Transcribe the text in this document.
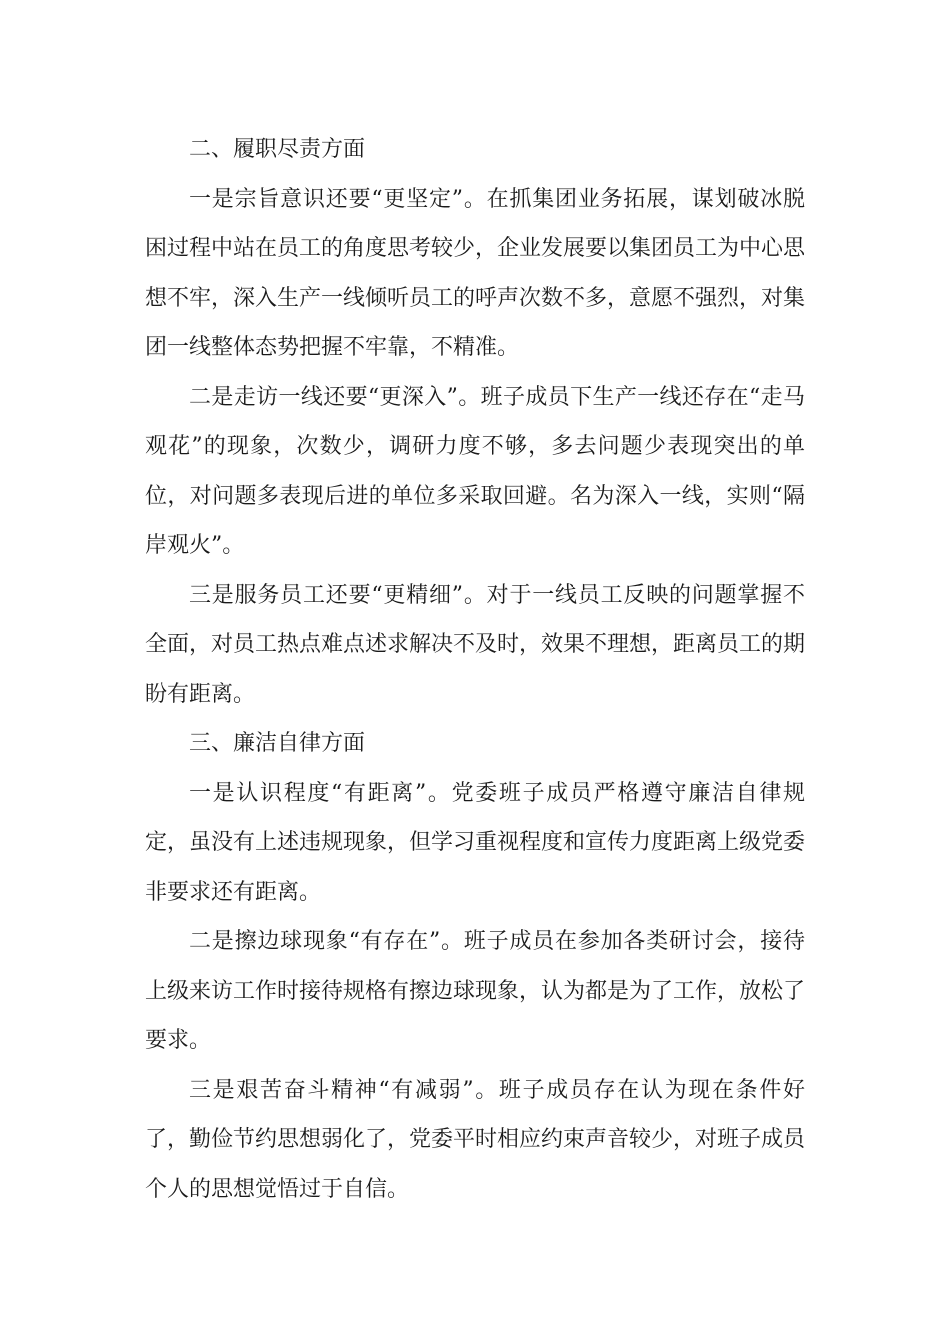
二、履职尽责方面

一是宗旨意识还要“更坚定”。在抓集团业务拓展，谋划破冰脱困过程中站在员工的角度思考较少，企业发展要以集团员工为中心思想不牢，深入生产一线倾听员工的呼声次数不多，意愿不强烈，对集团一线整体态势把握不牢靠，不精准。

二是走访一线还要“更深入”。班子成员下生产一线还存在“走马观花”的现象，次数少，调研力度不够，多去问题少表现突出的单位，对问题多表现后进的单位多采取回避。名为深入一线，实则“隔岸观火”。

三是服务员工还要“更精细”。对于一线员工反映的问题掌握不全面，对员工热点难点述求解决不及时，效果不理想，距离员工的期盼有距离。

三、廉洁自律方面

一是认识程度“有距离”。党委班子成员严格遵守廉洁自律规定，虽没有上述违规现象，但学习重视程度和宣传力度距离上级党委非要求还有距离。

二是擦边球现象“有存在”。班子成员在参加各类研讨会，接待上级来访工作时接待规格有擦边球现象，认为都是为了工作，放松了要求。

三是艰苦奋斗精神“有减弱”。班子成员存在认为现在条件好了，勤俭节约思想弱化了，党委平时相应约束声音较少，对班子成员个人的思想觉悟过于自信。
